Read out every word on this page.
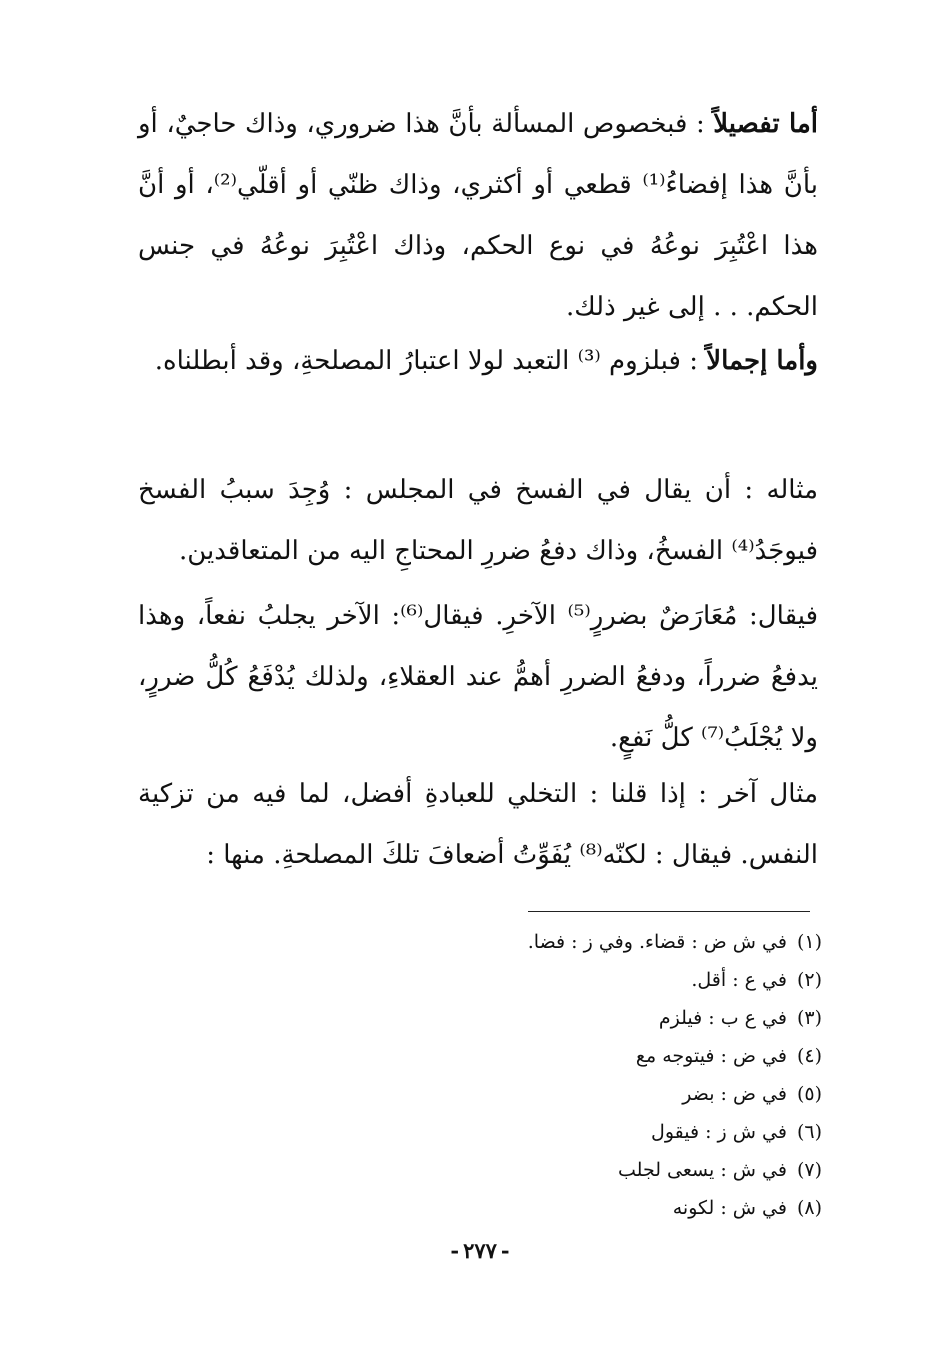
أما تفصيلاً : فبخصوص المسألة بأنَّ هذا ضروري، وذاك حاجيٌ، أو بأنَّ هذا إفضاءُ⁽¹⁾ قطعي أو أكثري، وذاك ظنّي أو أقلّي⁽²⁾، أو أنَّ هذا اعْتُبِرَ نوعُهُ في نوع الحكم، وذاك اعْتُبِرَ نوعُهُ في جنس الحكم. . . إلى غير ذلك.

وأما إجمالاً : فبلزوم ⁽³⁾ التعبد لولا اعتبارُ المصلحةِ، وقد أبطلناه.

مثاله : أن يقال في الفسخ في المجلس : وُجِدَ سببُ الفسخ فيوجَدُ⁽⁴⁾ الفسخُ، وذاك دفعُ ضررِ المحتاجِ اليه من المتعاقدين.

فيقال: مُعَارَضٌ بضررٍ⁽⁵⁾ الآخرِ. فيقال⁽⁶⁾: الآخر يجلبُ نفعاً، وهذا يدفعُ ضرراً، ودفعُ الضررِ أهمُّ عند العقلاءِ، ولذلك يُدْفَعُ كُلُّ ضررٍ، ولا يُجْلَبُ⁽⁷⁾ كلُّ نَفعٍ.

مثال آخر : إذا قلنا : التخلي للعبادةِ أفضل، لما فيه من تزكية النفس. فيقال : لكنّه⁽⁸⁾ يُفَوِّتُ أضعافَ تلكَ المصلحةِ. منها :

(١)في ش ض : قضاء. وفي ز : فضا.
(٢)في ع : أقل.
(٣)في ع ب : فيلزم
(٤)في ض : فيتوجه مع
(٥)في ض : بضر
(٦)في ش ز : فيقول
(٧)في ش : يسعى لجلب
(٨)في ش : لكونه
-٢٧٧-
